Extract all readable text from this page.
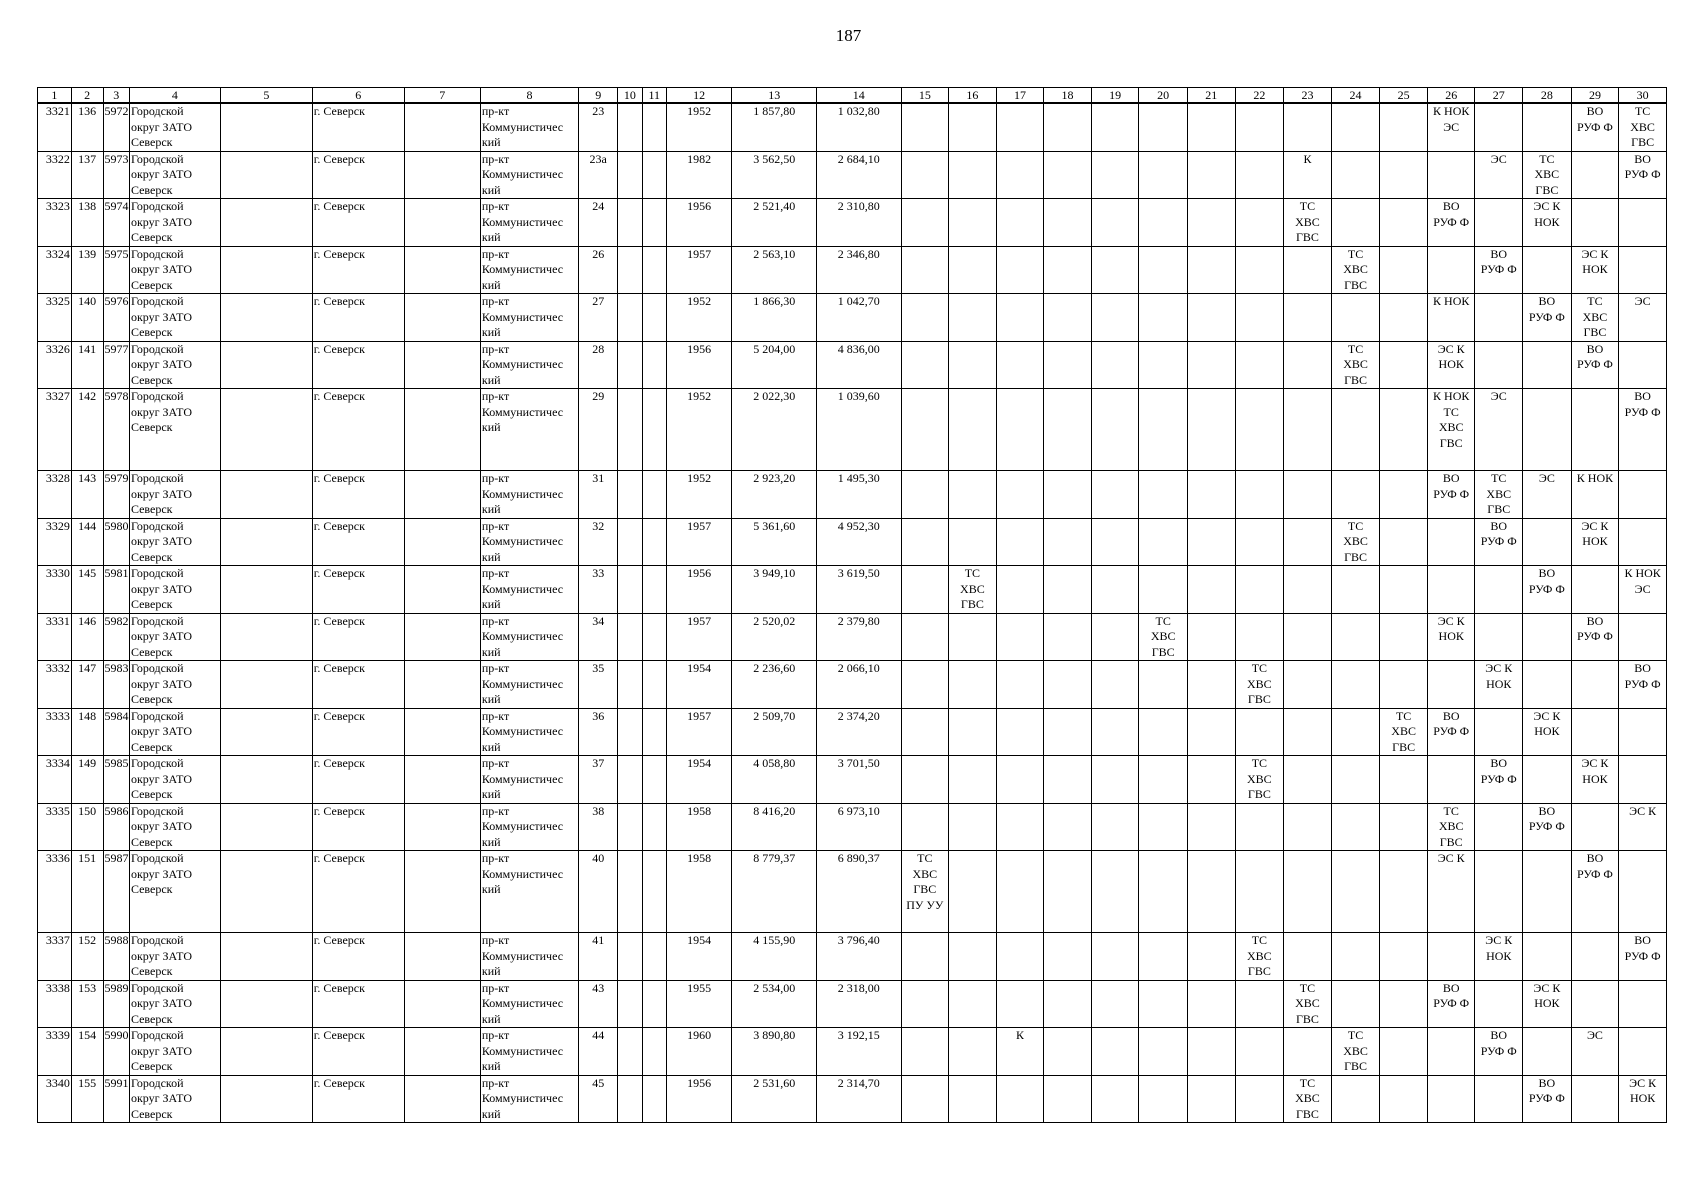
187
1	2	3	4	5	6	7	8	9	10	11	12	13	14	15	16	17	18	19	20	21	22	23	24	25	26	27	28	29	30
3321	136	5972	Городской
округ ЗАТО
Северск		г. Северск		пр-кт
Коммунистичес
кий	23			1952	1 857,80	1 032,80												К НОК
ЭС			ВО
РУФ Ф	ТС
ХВС
ГВС
3322	137	5973	Городской
округ ЗАТО
Северск		г. Северск		пр-кт
Коммунистичес
кий	23а			1982	3 562,50	2 684,10									К				ЭС	ТС
ХВС
ГВС		ВО
РУФ Ф
3323	138	5974	Городской
округ ЗАТО
Северск		г. Северск		пр-кт
Коммунистичес
кий	24			1956	2 521,40	2 310,80									ТС
ХВС
ГВС			ВО
РУФ Ф		ЭС К
НОК		
3324	139	5975	Городской
округ ЗАТО
Северск		г. Северск		пр-кт
Коммунистичес
кий	26			1957	2 563,10	2 346,80										ТС
ХВС
ГВС			ВО
РУФ Ф		ЭС К
НОК	
3325	140	5976	Городской
округ ЗАТО
Северск		г. Северск		пр-кт
Коммунистичес
кий	27			1952	1 866,30	1 042,70												К НОК		ВО
РУФ Ф	ТС
ХВС
ГВС	ЭС
3326	141	5977	Городской
округ ЗАТО
Северск		г. Северск		пр-кт
Коммунистичес
кий	28			1956	5 204,00	4 836,00										ТС
ХВС
ГВС		ЭС К
НОК			ВО
РУФ Ф	
3327	142	5978	Городской
округ ЗАТО
Северск		г. Северск		пр-кт
Коммунистичес
кий	29			1952	2 022,30	1 039,60												К НОК
ТС
ХВС
ГВС	ЭС			ВО
РУФ Ф
3328	143	5979	Городской
округ ЗАТО
Северск		г. Северск		пр-кт
Коммунистичес
кий	31			1952	2 923,20	1 495,30												ВО
РУФ Ф	ТС
ХВС
ГВС	ЭС	К НОК	
3329	144	5980	Городской
округ ЗАТО
Северск		г. Северск		пр-кт
Коммунистичес
кий	32			1957	5 361,60	4 952,30										ТС
ХВС
ГВС			ВО
РУФ Ф		ЭС К
НОК	
3330	145	5981	Городской
округ ЗАТО
Северск		г. Северск		пр-кт
Коммунистичес
кий	33			1956	3 949,10	3 619,50		ТС
ХВС
ГВС												ВО
РУФ Ф		К НОК
ЭС
3331	146	5982	Городской
округ ЗАТО
Северск		г. Северск		пр-кт
Коммунистичес
кий	34			1957	2 520,02	2 379,80						ТС
ХВС
ГВС						ЭС К
НОК			ВО
РУФ Ф	
3332	147	5983	Городской
округ ЗАТО
Северск		г. Северск		пр-кт
Коммунистичес
кий	35			1954	2 236,60	2 066,10								ТС
ХВС
ГВС					ЭС К
НОК			ВО
РУФ Ф
3333	148	5984	Городской
округ ЗАТО
Северск		г. Северск		пр-кт
Коммунистичес
кий	36			1957	2 509,70	2 374,20											ТС
ХВС
ГВС	ВО
РУФ Ф		ЭС К
НОК		
3334	149	5985	Городской
округ ЗАТО
Северск		г. Северск		пр-кт
Коммунистичес
кий	37			1954	4 058,80	3 701,50								ТС
ХВС
ГВС					ВО
РУФ Ф		ЭС К
НОК	
3335	150	5986	Городской
округ ЗАТО
Северск		г. Северск		пр-кт
Коммунистичес
кий	38			1958	8 416,20	6 973,10												ТС
ХВС
ГВС		ВО
РУФ Ф		ЭС К
3336	151	5987	Городской
округ ЗАТО
Северск		г. Северск		пр-кт
Коммунистичес
кий	40			1958	8 779,37	6 890,37	ТС
ХВС
ГВС
ПУ УУ											ЭС К			ВО
РУФ Ф	
3337	152	5988	Городской
округ ЗАТО
Северск		г. Северск		пр-кт
Коммунистичес
кий	41			1954	4 155,90	3 796,40								ТС
ХВС
ГВС					ЭС К
НОК			ВО
РУФ Ф
3338	153	5989	Городской
округ ЗАТО
Северск		г. Северск		пр-кт
Коммунистичес
кий	43			1955	2 534,00	2 318,00									ТС
ХВС
ГВС			ВО
РУФ Ф		ЭС К
НОК		
3339	154	5990	Городской
округ ЗАТО
Северск		г. Северск		пр-кт
Коммунистичес
кий	44			1960	3 890,80	3 192,15			К							ТС
ХВС
ГВС			ВО
РУФ Ф		ЭС	
3340	155	5991	Городской
округ ЗАТО
Северск		г. Северск		пр-кт
Коммунистичес
кий	45			1956	2 531,60	2 314,70									ТС
ХВС
ГВС					ВО
РУФ Ф		ЭС К
НОК
